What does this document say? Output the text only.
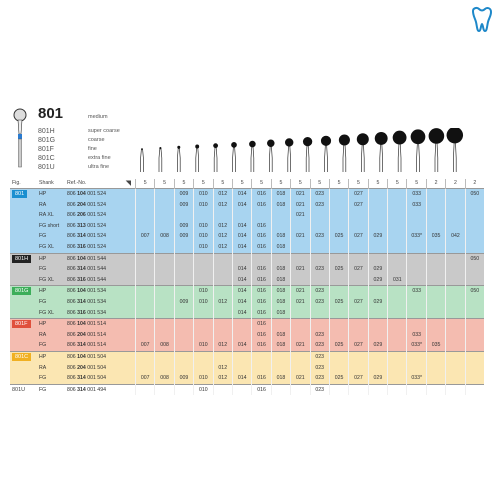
801	medium
801H
801G
801F
801C
801U
super coarse
coarse
fine
extra fine
ultra fine
Fig.	Shank	Ref.-No. ◥	5	5	5	5	5	5	5	5	5	5	5	5	5	5	5	2	2	2
801	HP	806 104 001 524			009	010	012	014	016	018	021	023		027			033			050
	RA	806 204 001 524			009	010	012	014	016	018	021	023		027			033			
	RA XL	806 206 001 524									021									
	FG short	806 313 001 524			009	010	012	014	016											
	FG	806 314 001 524	007	008	009	010	012	014	016	018	021	023	025	027	029		033*	035	042	
	FG XL	806 316 001 524				010	012	014	016	018										
801H	HP	806 104 001 544																		050
	FG	806 314 001 544						014	016	018	021	023	025	027	029					
	FG XL	806 316 001 544						014	016	018					029	031				
801G	HP	806 104 001 534				010		014	016	018	021	023					033			050
	FG	806 314 001 534			009	010	012	014	016	018	021	023	025	027	029					
	FG XL	806 316 001 534						014	016	018										
801F	HP	806 104 001 514							016											
	RA	806 204 001 514							016	018		023					033			
	FG	806 314 001 514	007	008		010	012	014	016	018	021	023	025	027	029		033*	035		
801C	HP	806 104 001 504										023								
	RA	806 204 001 504					012					023								
	FG	806 314 001 504	007	008	009	010	012	014	016	018	021	023	025	027	029		033*			
801U	FG	806 314 001 494				010			016			023								
